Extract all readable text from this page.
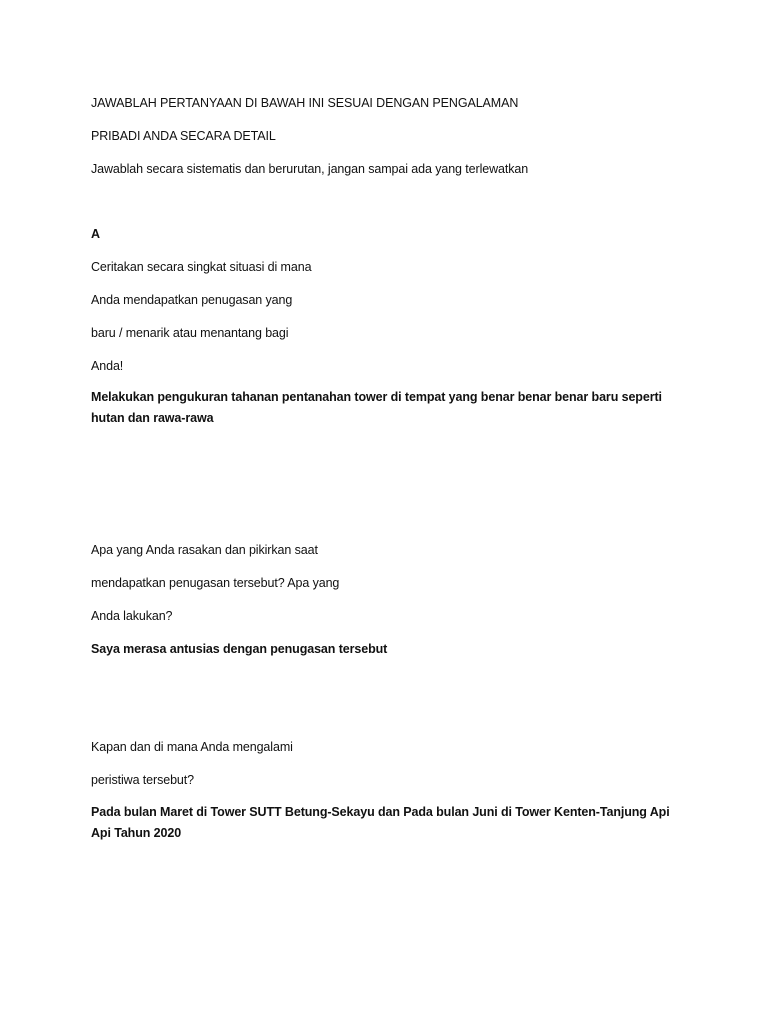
JAWABLAH PERTANYAAN DI BAWAH INI SESUAI DENGAN PENGALAMAN
PRIBADI ANDA SECARA DETAIL
Jawablah secara sistematis dan berurutan, jangan sampai ada yang terlewatkan
A
Ceritakan secara singkat situasi di mana
Anda mendapatkan penugasan yang
baru / menarik atau menantang bagi
Anda!
Melakukan pengukuran tahanan pentanahan tower di tempat yang benar benar benar baru seperti hutan dan rawa-rawa
Apa yang Anda rasakan dan pikirkan saat
mendapatkan penugasan tersebut? Apa yang
Anda lakukan?
Saya merasa antusias dengan penugasan tersebut
Kapan dan di mana Anda mengalami
peristiwa tersebut?
Pada bulan Maret di Tower SUTT Betung-Sekayu dan Pada bulan Juni di Tower Kenten-Tanjung Api Api Tahun 2020
